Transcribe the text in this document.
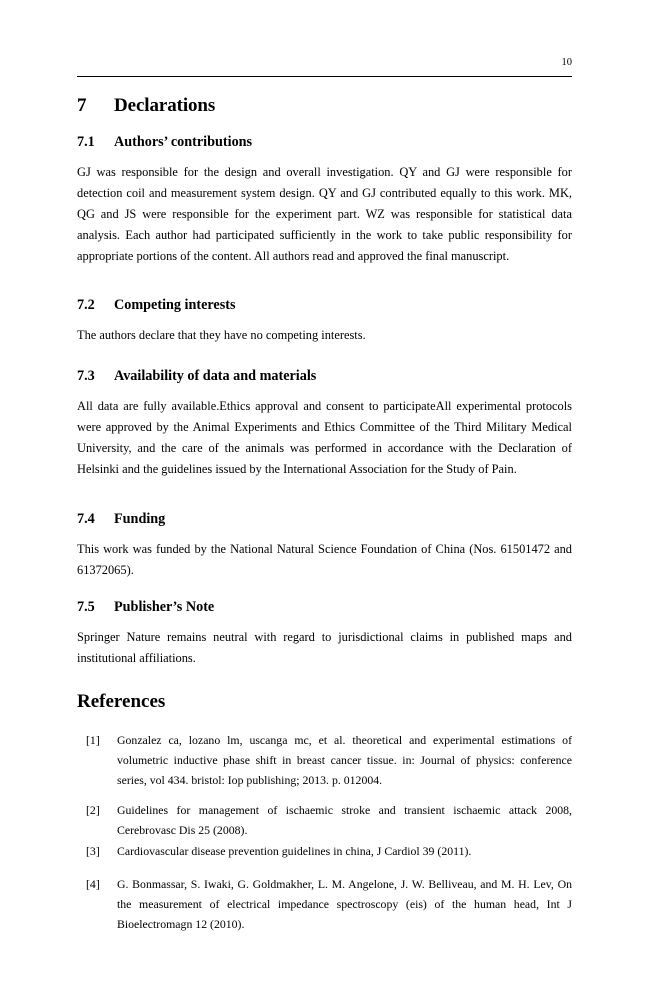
10
7 Declarations
7.1 Authors’ contributions
GJ was responsible for the design and overall investigation. QY and GJ were responsible for detection coil and measurement system design. QY and GJ contributed equally to this work. MK, QG and JS were responsible for the experiment part. WZ was responsible for statistical data analysis. Each author had participated sufficiently in the work to take public responsibility for appropriate portions of the content. All authors read and approved the final manuscript.
7.2 Competing interests
The authors declare that they have no competing interests.
7.3 Availability of data and materials
All data are fully available.Ethics approval and consent to participateAll experimental protocols were approved by the Animal Experiments and Ethics Committee of the Third Military Medical University, and the care of the animals was performed in accordance with the Declaration of Helsinki and the guidelines issued by the International Association for the Study of Pain.
7.4 Funding
This work was funded by the National Natural Science Foundation of China (Nos. 61501472 and 61372065).
7.5 Publisher’s Note
Springer Nature remains neutral with regard to jurisdictional claims in published maps and institutional affiliations.
References
[1]	Gonzalez ca, lozano lm, uscanga mc, et al. theoretical and experimental estimations of volumetric inductive phase shift in breast cancer tissue. in: Journal of physics: conference series, vol 434. bristol: Iop publishing; 2013. p. 012004.
[2]	Guidelines for management of ischaemic stroke and transient ischaemic attack 2008, Cerebrovasc Dis 25 (2008).
[3]	Cardiovascular disease prevention guidelines in china, J Cardiol 39 (2011).
[4]	G. Bonmassar, S. Iwaki, G. Goldmakher, L. M. Angelone, J. W. Belliveau, and M. H. Lev, On the measurement of electrical impedance spectroscopy (eis) of the human head, Int J Bioelectromagn 12 (2010).
